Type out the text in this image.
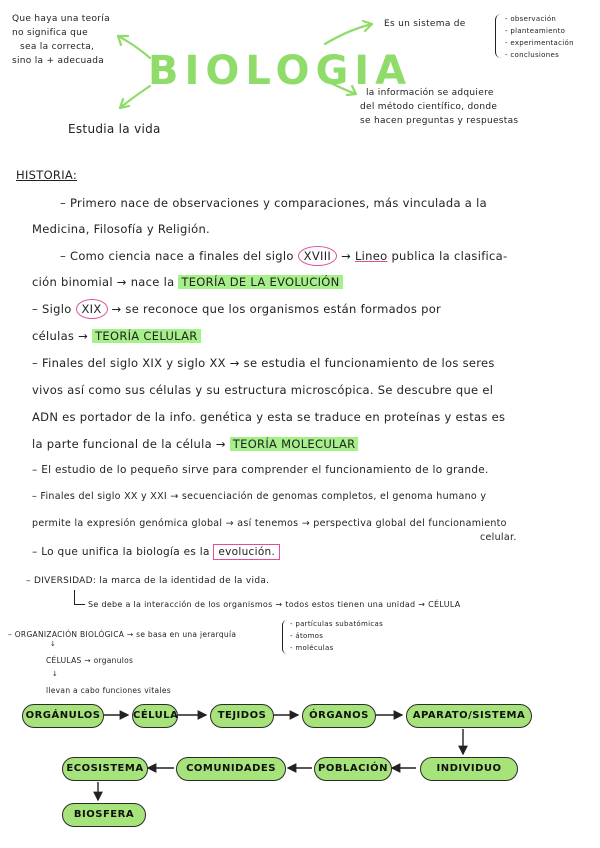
Que haya una teoría
no significa que
sea la correcta,
sino la + adecuada BIOLOGIA
Estudia la vida
Es un sistema de	- observación
- planteamiento
- experimentación
- conclusiones
la información se adquiere
del método científico, donde
se hacen preguntas y respuestas
HISTORIA:
– Primero nace de observaciones y comparaciones, más vinculada a la
Medicina, Filosofía y Religión.
– Como ciencia nace a finales del siglo XVIII → Lineo publica la clasifica-
ción binomial → nace la TEORÍA DE LA EVOLUCIÓN
– Siglo XIX → se reconoce que los organismos están formados por
células → TEORÍA CELULAR
– Finales del siglo XIX y siglo XX → se estudia el funcionamiento de los seres
vivos así como sus células y su estructura microscópica. Se descubre que el
ADN es portador de la info. genética y esta se traduce en proteínas y estas es
la parte funcional de la célula → TEORÍA MOLECULAR
– El estudio de lo pequeño sirve para comprender el funcionamiento de lo grande.
– Finales del siglo XX y XXI → secuenciación de genomas completos, el genoma humano y
permite la expresión genómica global → así tenemos → perspectiva global del funcionamiento
celular.
– Lo que unifica la biología es la evolución.
– DIVERSIDAD: la marca de la identidad de la vida.
Se debe a la interacción de los organismos → todos estos tienen una unidad → CÉLULA
– ORGANIZACIÓN BIOLÓGICA → se basa en una jerarquía
- partículas subatómicas
- átomos
- moléculas
↓
CÉLULAS → organulos
↓
llevan a cabo funciones vitales
ORGÁNULOS	CÉLULA	TEJIDOS	ÓRGANOS	APARATO/SISTEMA
ECOSISTEMA	COMUNIDADES	POBLACIÓN	INDIVIDUO
BIOSFERA
